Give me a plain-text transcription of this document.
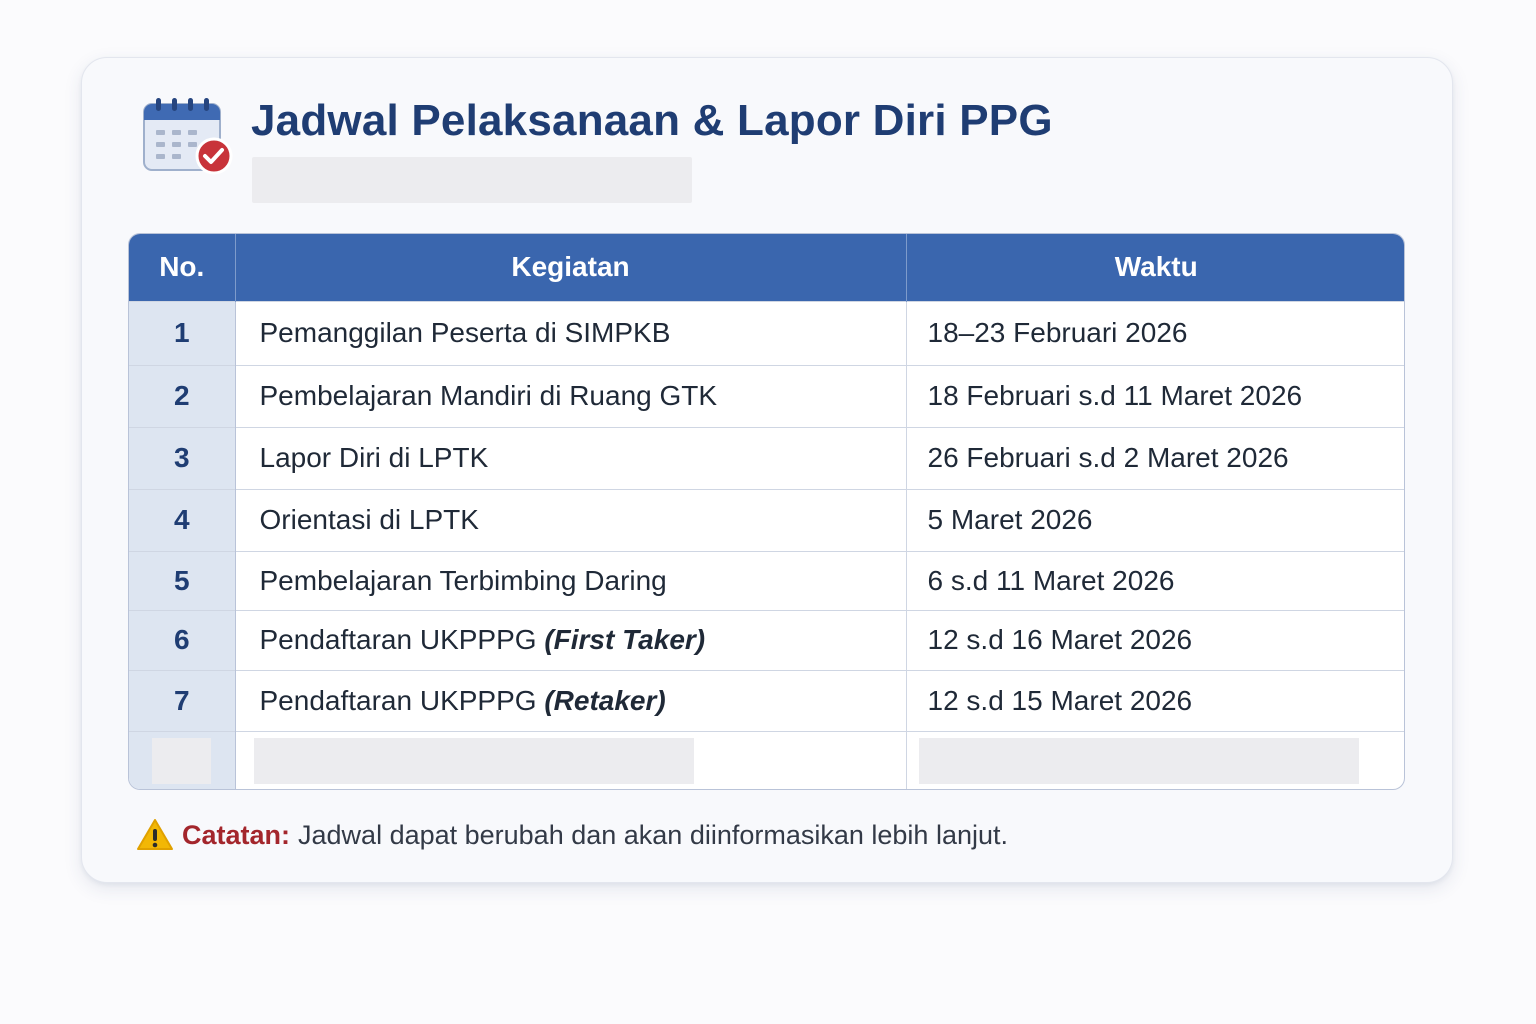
Jadwal Pelaksanaan & Lapor Diri PPG
No.	Kegiatan	Waktu
1	Pemanggilan Peserta di SIMPKB	18–23 Februari 2026
2	Pembelajaran Mandiri di Ruang GTK	18 Februari s.d 11 Maret 2026
3	Lapor Diri di LPTK	26 Februari s.d 2 Maret 2026
4	Orientasi di LPTK	5 Maret 2026
5	Pembelajaran Terbimbing Daring	6 s.d 11 Maret 2026
6	Pendaftaran UKPPPG (First Taker)	12 s.d 16 Maret 2026
7	Pendaftaran UKPPPG (Retaker)	12 s.d 15 Maret 2026

Catatan: Jadwal dapat berubah dan akan diinformasikan lebih lanjut.
